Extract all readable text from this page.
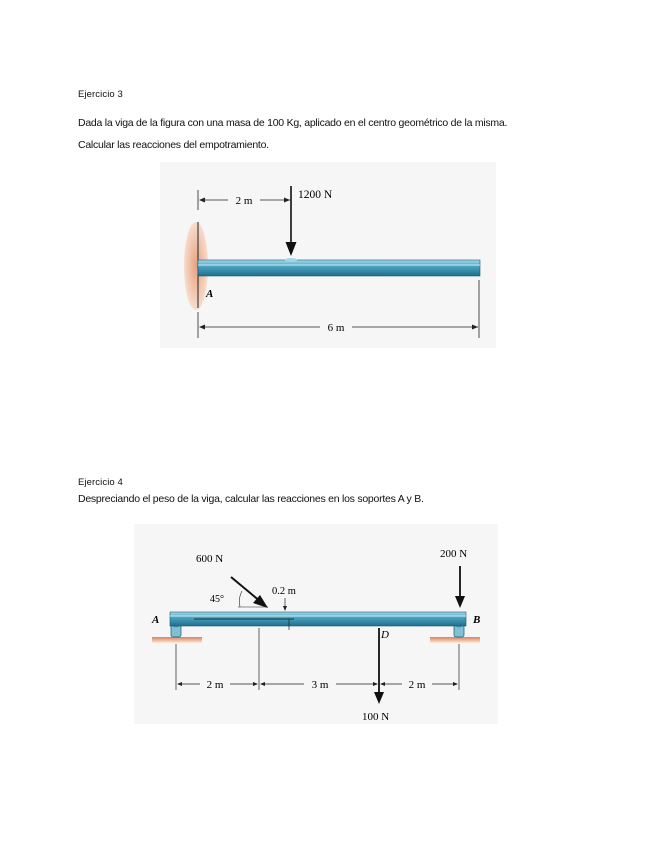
Ejercicio 3
Dada la viga de la figura con una masa de 100 Kg, aplicado en el centro geométrico de la misma.
Calcular las reacciones del empotramiento.
2 m	1200 N
A
6 m
Ejercicio 4
Despreciando el peso de la viga, calcular las reacciones en los soportes A y B.
A	B
D
600 N
45°
0.2 m
200 N
100 N
2 m	3 m	2 m
